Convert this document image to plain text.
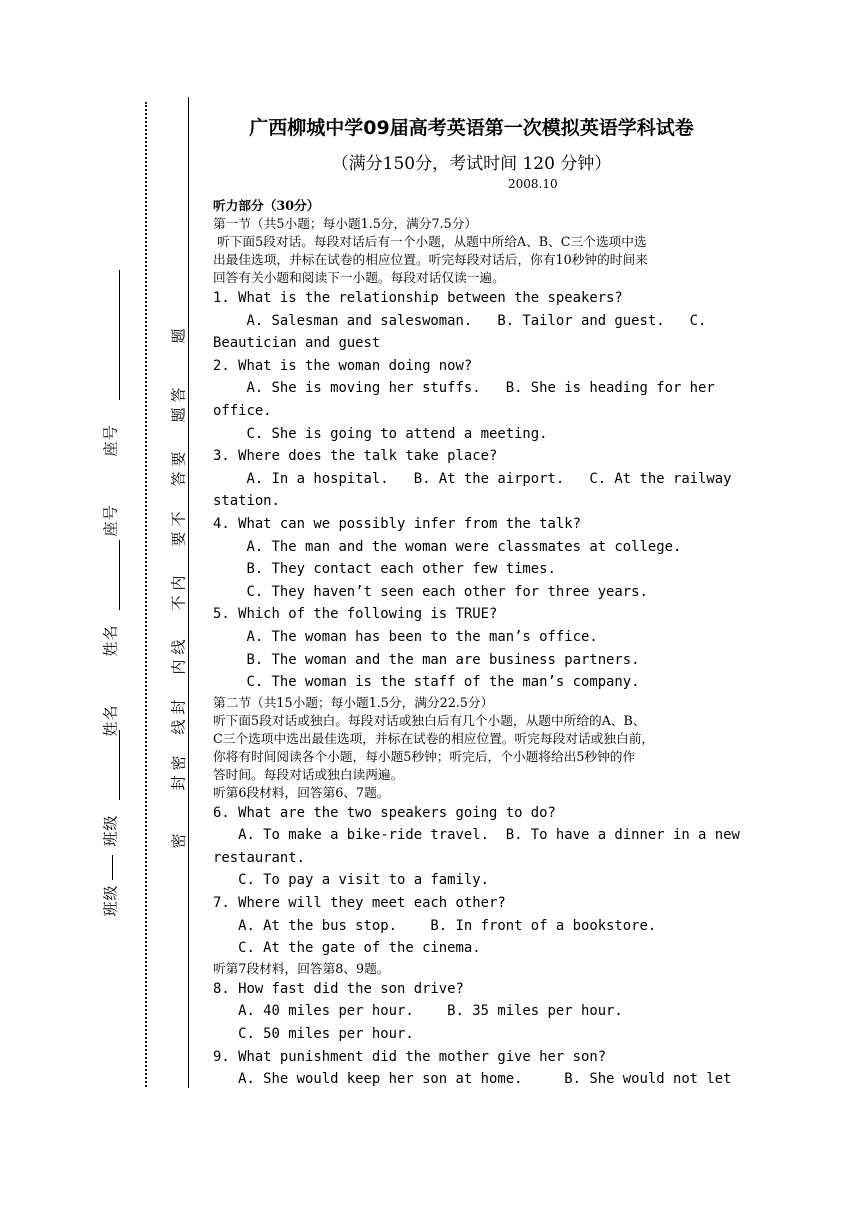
班级
班级
姓名
姓名
座号
座号
密
封
密
线
封
内
线
不
内
要
不
答
要
题
答
题
广西柳城中学09届高考英语第一次模拟英语学科试卷
（满分150分，考试时间 120 分钟）
2008.10
听力部分（30分）
第一节（共5小题；每小题1.5分，满分7.5分）
听下面5段对话。每段对话后有一个小题，从题中所给A、B、C三个选项中选
出最佳选项，并标在试卷的相应位置。听完每段对话后，你有10秒钟的时间来
回答有关小题和阅读下一小题。每段对话仅读一遍。
1. What is the relationship between the speakers?
A. Salesman and saleswoman.   B. Tailor and guest.   C.
Beautician and guest
2. What is the woman doing now?
A. She is moving her stuffs.   B. She is heading for her
office.
C. She is going to attend a meeting.
3. Where does the talk take place?
A. In a hospital.   B. At the airport.   C. At the railway
station.
4. What can we possibly infer from the talk?
A. The man and the woman were classmates at college.
B. They contact each other few times.
C. They haven’t seen each other for three years.
5. Which of the following is TRUE?
A. The woman has been to the man’s office.
B. The woman and the man are business partners.
C. The woman is the staff of the man’s company.
第二节（共15小题；每小题1.5分，满分22.5分）
听下面5段对话或独白。每段对话或独白后有几个小题，从题中所给的A、B、
C三个选项中选出最佳选项，并标在试卷的相应位置。听完每段对话或独白前，
你将有时间阅读各个小题，每小题5秒钟；听完后，个小题将给出5秒钟的作
答时间。每段对话或独白读两遍。
听第6段材料，回答第6、7题。
6. What are the two speakers going to do?
A. To make a bike-ride travel.  B. To have a dinner in a new
restaurant.
C. To pay a visit to a family.
7. Where will they meet each other?
A. At the bus stop.    B. In front of a bookstore.
C. At the gate of the cinema.
听第7段材料，回答第8、9题。
8. How fast did the son drive?
A. 40 miles per hour.    B. 35 miles per hour.
C. 50 miles per hour.
9. What punishment did the mother give her son?
A. She would keep her son at home.     B. She would not let
